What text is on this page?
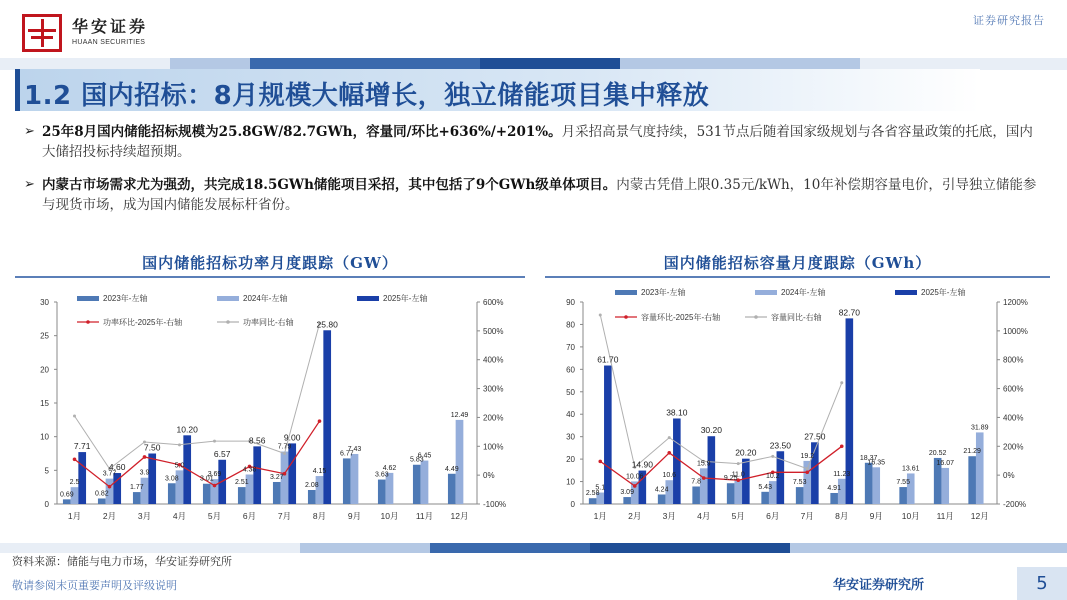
华安证券
HUAAN SECURITIES
证券研究报告
1.2 国内招标：8月规模大幅增长，独立储能项目集中释放
➢ 25年8月国内储能招标规模为25.8GW/82.7GWh，容量同/环比+636%/+201%。月采招高景气度持续，531节点后随着国家级规划与各省容量政策的托底，国内大储招投标持续超预期。
➢ 内蒙古市场需求尤为强劲，共完成18.5GWh储能项目采招，其中包括了9个GWh级单体项目。内蒙古凭借上限0.35元/kWh，10年补偿期容量电价，引导独立储能参与现货市场，成为国内储能发展标杆省份。
国内储能招标功率月度跟踪（GW）	国内储能招标容量月度跟踪（GWh）
0
5
10
15
20
25
30
-100%
0%
100%
200%
300%
400%
500%
600%
1月	2月	3月	4月	5月	6月	7月	8月	9月 10月 11月 12月
0.69	0.82
1.77
3.08	3.01	2.51
3.27
2.08
6.77
3.63
5.83
4.49
2.5
3.77	3.9
5.0
3.69
4.38
7.79
4.15
7.43
4.62
6.45
12.49
7.71
4.60
7.50
10.20
6.57
8.56 9.00
25.80
2023年-左轴	2024年-左轴	2025年-左轴
功率环比-2025年-右轴	功率同比-右轴
0
10
20
30
40
50
60
70
80
90
-200%
0%
200%
400%
600%
800%
1000%
1200%
1月	2月	3月	4月	5月	6月	7月	8月	9月 10月 11月 12月
2.58	3.09	4.24
7.8	9.25
5.43
7.53
4.91
18.37
7.55
20.52 21.29
5.1
10.06	10.6
15.9
11.0	10.2
19.2
11.23
16.35
13.61
16.07
31.89
61.70
14.90
38.10
30.20
20.20
23.50
27.50
82.70
2023年-左轴	2024年-左轴	2025年-左轴
容量环比-2025年-右轴	容量同比-右轴
资料来源：储能与电力市场，华安证券研究所
敬请参阅末页重要声明及评级说明	华安证券研究所	5
